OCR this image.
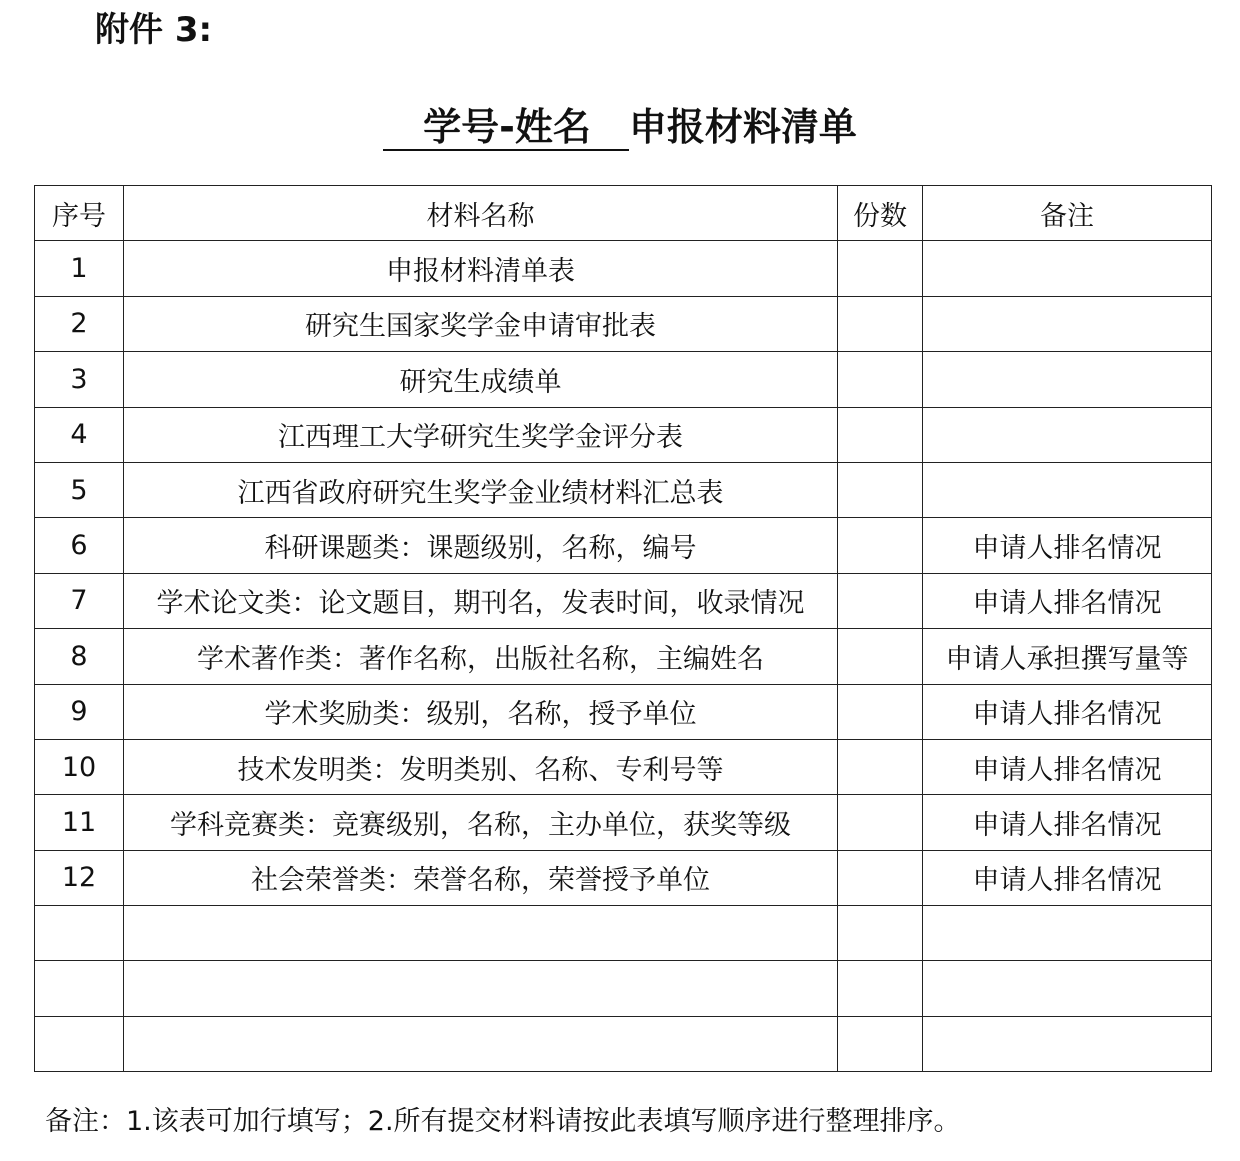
附件 3:
学号-姓名 申报材料清单
序号	材料名称	份数	备注
1	申报材料清单表		
2	研究生国家奖学金申请审批表		
3	研究生成绩单		
4	江西理工大学研究生奖学金评分表		
5	江西省政府研究生奖学金业绩材料汇总表		
6	科研课题类：课题级别，名称，编号		申请人排名情况
7	学术论文类：论文题目，期刊名，发表时间，收录情况		申请人排名情况
8	学术著作类：著作名称，出版社名称，主编姓名		申请人承担撰写量等
9	学术奖励类：级别，名称，授予单位		申请人排名情况
10	技术发明类：发明类别、名称、专利号等		申请人排名情况
11	学科竞赛类：竞赛级别，名称，主办单位，获奖等级		申请人排名情况
12	社会荣誉类：荣誉名称，荣誉授予单位		申请人排名情况

备注：1.该表可加行填写；2.所有提交材料请按此表填写顺序进行整理排序。
